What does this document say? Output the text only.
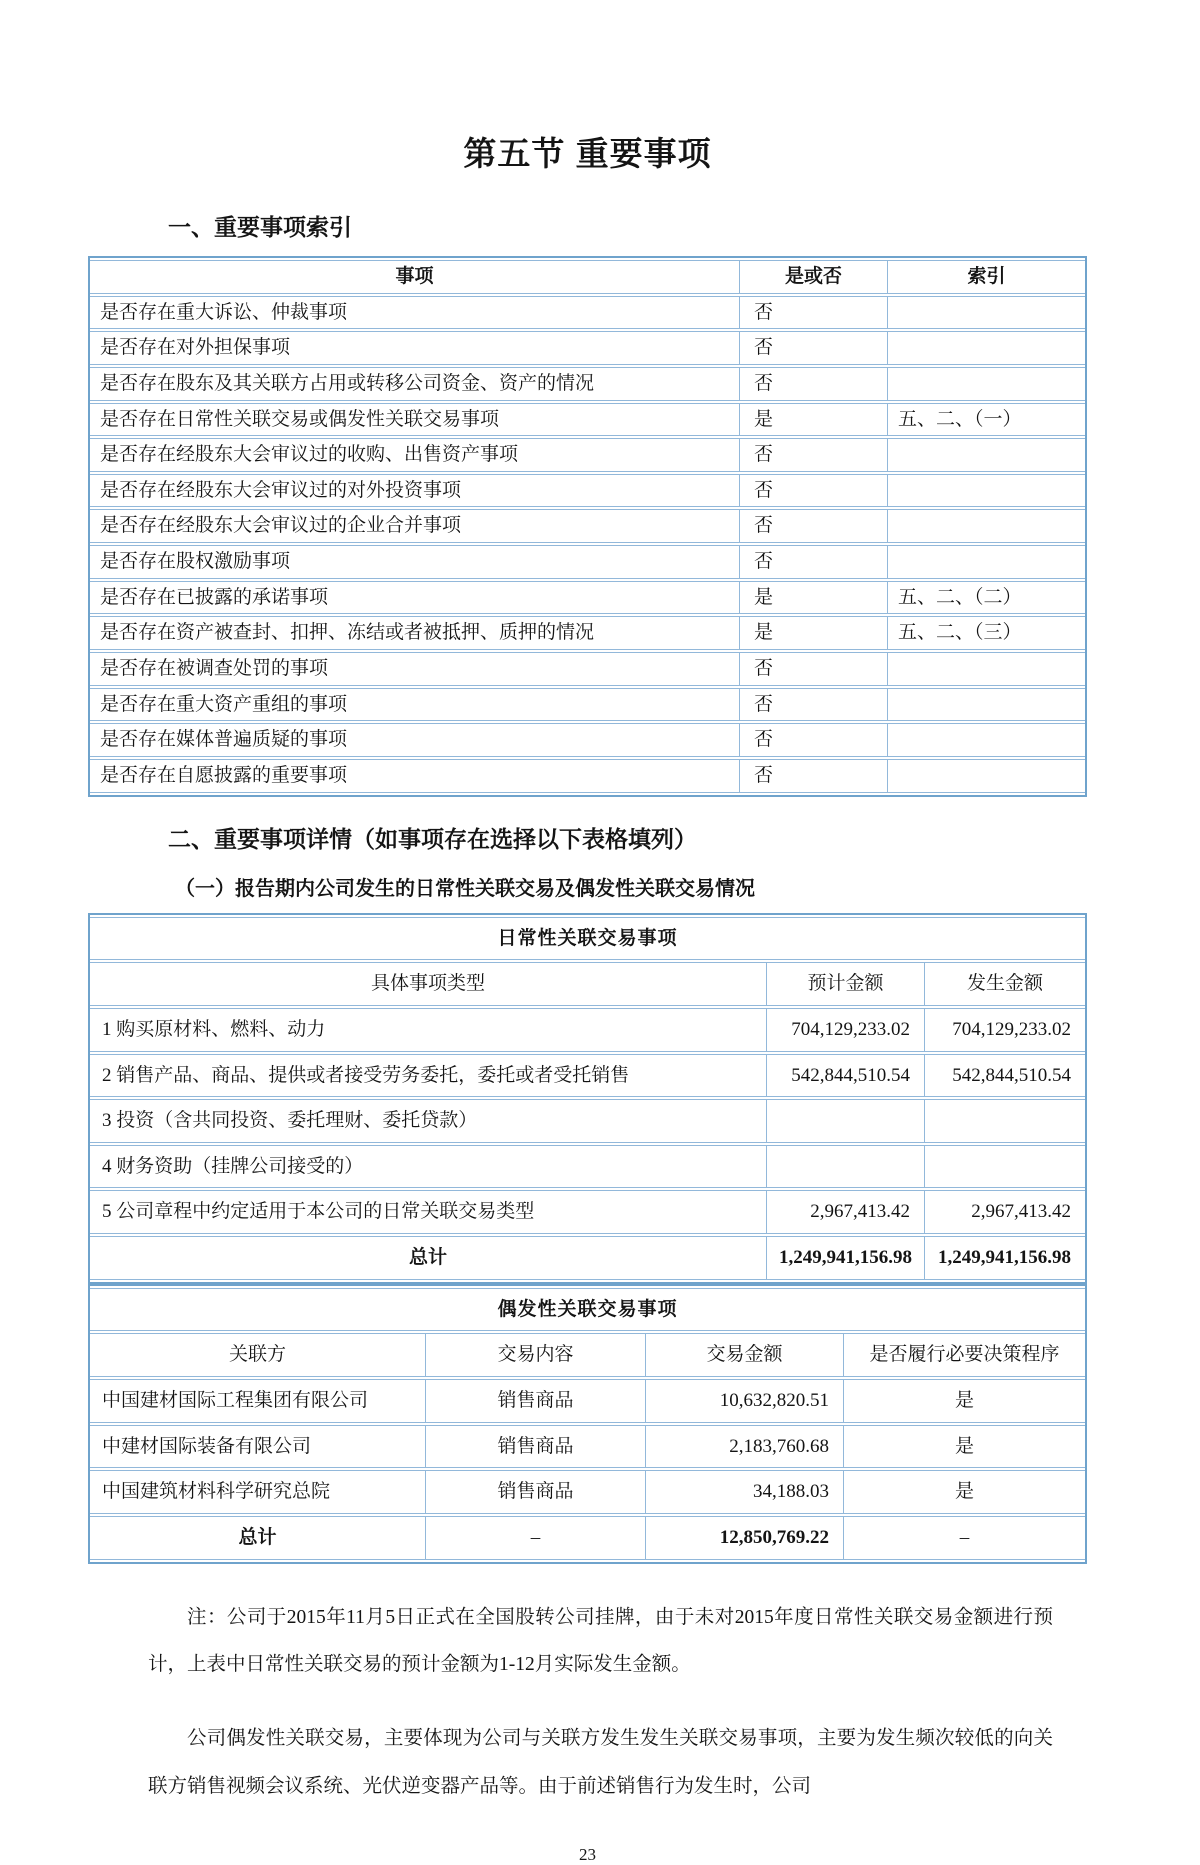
第五节 重要事项
一、重要事项索引
事项	是或否	索引
是否存在重大诉讼、仲裁事项	否	
是否存在对外担保事项	否	
是否存在股东及其关联方占用或转移公司资金、资产的情况	否	
是否存在日常性关联交易或偶发性关联交易事项	是	五、二、（一）
是否存在经股东大会审议过的收购、出售资产事项	否	
是否存在经股东大会审议过的对外投资事项	否	
是否存在经股东大会审议过的企业合并事项	否	
是否存在股权激励事项	否	
是否存在已披露的承诺事项	是	五、二、（二）
是否存在资产被查封、扣押、冻结或者被抵押、质押的情况	是	五、二、（三）
是否存在被调查处罚的事项	否	
是否存在重大资产重组的事项	否	
是否存在媒体普遍质疑的事项	否	
是否存在自愿披露的重要事项	否	
二、重要事项详情（如事项存在选择以下表格填列）
（一）报告期内公司发生的日常性关联交易及偶发性关联交易情况
日常性关联交易事项		
具体事项类型	预计金额	发生金额
1 购买原材料、燃料、动力	704,129,233.02	704,129,233.02
2 销售产品、商品、提供或者接受劳务委托，委托或者受托销售	542,844,510.54	542,844,510.54
3 投资（含共同投资、委托理财、委托贷款）		
4 财务资助（挂牌公司接受的）		
5 公司章程中约定适用于本公司的日常关联交易类型	2,967,413.42	2,967,413.42
总计	1,249,941,156.98	1,249,941,156.98
偶发性关联交易事项			
关联方	交易内容	交易金额	是否履行必要决策程序
中国建材国际工程集团有限公司	销售商品	10,632,820.51	是
中建材国际装备有限公司	销售商品	2,183,760.68	是
中国建筑材料科学研究总院	销售商品	34,188.03	是
总计	–	12,850,769.22	–

注：公司于2015年11月5日正式在全国股转公司挂牌，由于未对2015年度日常性关联交易金额进行预计，上表中日常性关联交易的预计金额为1-12月实际发生金额。

公司偶发性关联交易，主要体现为公司与关联方发生发生关联交易事项，主要为发生频次较低的向关联方销售视频会议系统、光伏逆变器产品等。由于前述销售行为发生时，公司

23
